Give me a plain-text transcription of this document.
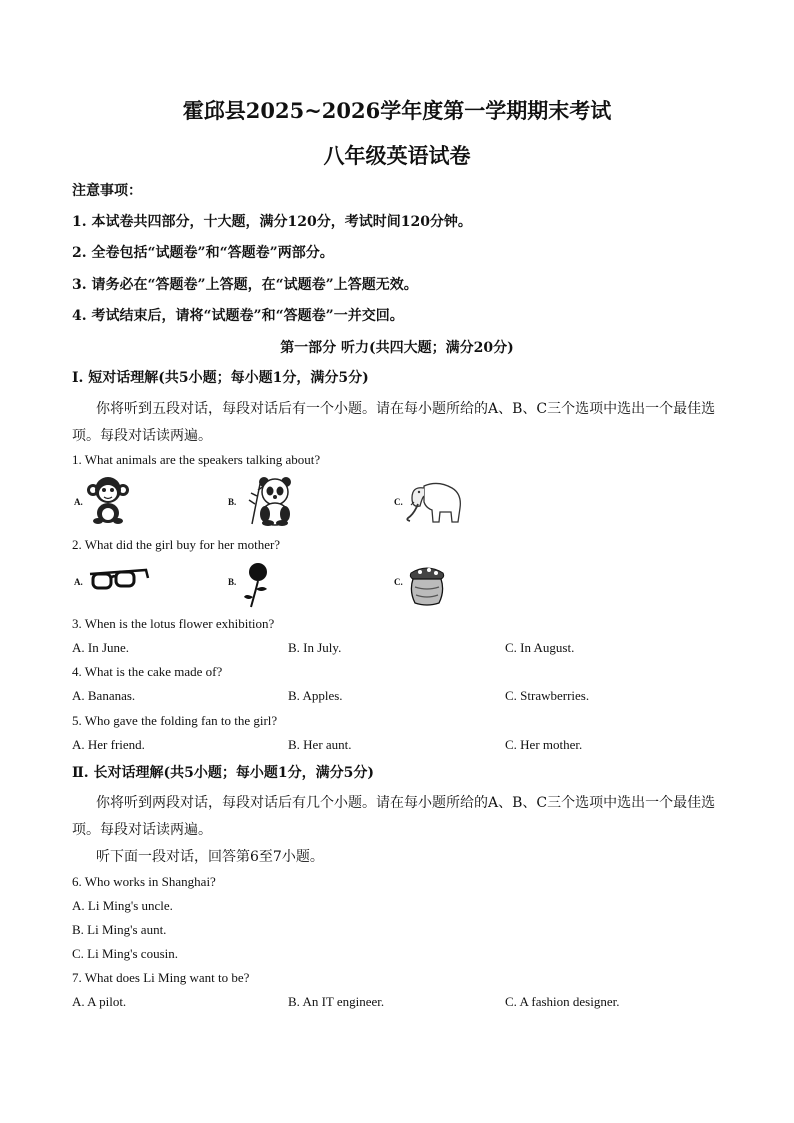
霍邱县2025~2026学年度第一学期期末考试
八年级英语试卷
注意事项：
1. 本试卷共四部分，十大题，满分120分，考试时间120分钟。
2. 全卷包括“试题卷”和“答题卷”两部分。
3. 请务必在“答题卷”上答题，在“试题卷”上答题无效。
4. 考试结束后，请将“试题卷”和“答题卷”一并交回。
第一部分 听力(共四大题；满分20分)
Ⅰ. 短对话理解(共5小题；每小题1分，满分5分)
你将听到五段对话，每段对话后有一个小题。请在每小题所给的A、B、C三个选项中选出一个最佳选
项。每段对话读两遍。
1. What animals are the speakers talking about?
A.	B.	C.
2. What did the girl buy for her mother?
A.	B.	C.
3. When is the lotus flower exhibition?
A. In June.	B. In July.	C. In August.
4. What is the cake made of?
A. Bananas.	B. Apples.	C. Strawberries.
5. Who gave the folding fan to the girl?
A. Her friend.	B. Her aunt.	C. Her mother.
Ⅱ. 长对话理解(共5小题；每小题1分，满分5分)
你将听到两段对话，每段对话后有几个小题。请在每小题所给的A、B、C三个选项中选出一个最佳选
项。每段对话读两遍。
听下面一段对话，回答第6至7小题。
6. Who works in Shanghai?
A. Li Ming's uncle.
B. Li Ming's aunt.
C. Li Ming's cousin.
7. What does Li Ming want to be?
A. A pilot.	B. An IT engineer.	C. A fashion designer.
